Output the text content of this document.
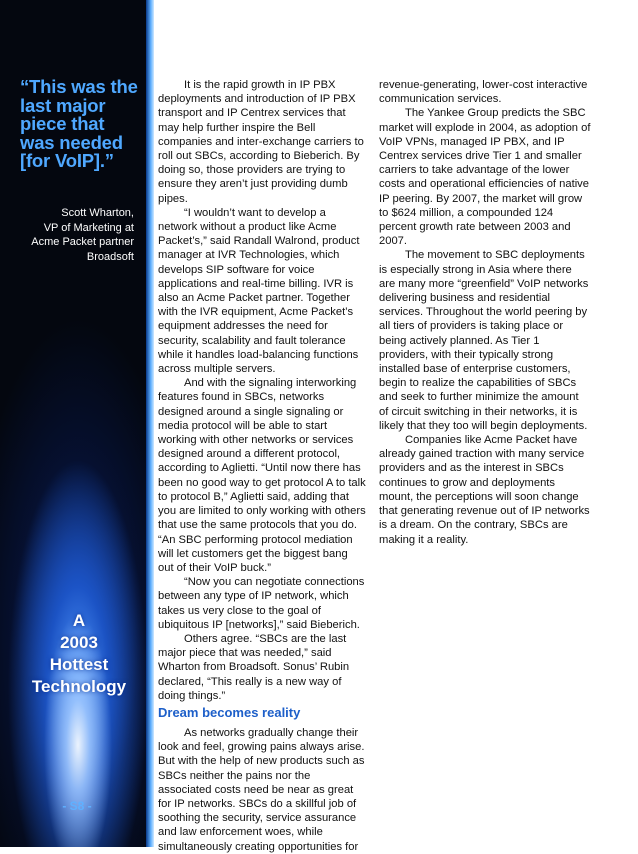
“This was the last major piece that was needed [for VoIP].”

Scott Wharton,
VP of Marketing at
Acme Packet partner
Broadsoft
A
2003
Hottest
Technology
- S8 -

It is the rapid growth in IP PBX deployments and introduction of IP PBX transport and IP Centrex services that may help further inspire the Bell companies and inter-exchange carriers to roll out SBCs, according to Bieberich. By doing so, those providers are trying to ensure they aren’t just providing dumb pipes.

“I wouldn’t want to develop a network without a product like Acme Packet’s,” said Randall Walrond, product manager at IVR Technologies, which develops SIP software for voice applications and real-time billing. IVR is also an Acme Packet partner. Together with the IVR equipment, Acme Packet’s equipment addresses the need for security, scalability and fault tolerance while it handles load-balancing functions across multiple servers.

And with the signaling interworking features found in SBCs, networks designed around a single signaling or media protocol will be able to start working with other networks or services designed around a different protocol, according to Aglietti. “Until now there has been no good way to get protocol A to talk to protocol B,” Aglietti said, adding that you are limited to only working with others that use the same protocols that you do. “An SBC performing protocol mediation will let customers get the biggest bang out of their VoIP buck.”

“Now you can negotiate connections between any type of IP network, which takes us very close to the goal of ubiquitous IP [networks],” said Bieberich.

Others agree. “SBCs are the last major piece that was needed,” said Wharton from Broadsoft. Sonus’ Rubin declared, “This really is a new way of doing things.”

Dream becomes reality

As networks gradually change their look and feel, growing pains always arise. But with the help of new products such as SBCs neither the pains nor the associated costs need be near as great for IP networks. SBCs do a skillful job of soothing the security, service assurance and law enforcement woes, while simultaneously creating opportunities for

revenue-generating, lower-cost interactive communication services.

The Yankee Group predicts the SBC market will explode in 2004, as adoption of VoIP VPNs, managed IP PBX, and IP Centrex services drive Tier 1 and smaller carriers to take advantage of the lower costs and operational efficiencies of native IP peering. By 2007, the market will grow to $624 million, a compounded 124 percent growth rate between 2003 and 2007.

The movement to SBC deployments is especially strong in Asia where there are many more “greenfield” VoIP networks delivering business and residential services. Throughout the world peering by all tiers of providers is taking place or being actively planned. As Tier 1 providers, with their typically strong installed base of enterprise customers, begin to realize the capabilities of SBCs and seek to further minimize the amount of circuit switching in their networks, it is likely that they too will begin deployments.

Companies like Acme Packet have already gained traction with many service providers and as the interest in SBCs continues to grow and deployments mount, the perceptions will soon change that generating revenue out of IP networks is a dream. On the contrary, SBCs are making it a reality.
